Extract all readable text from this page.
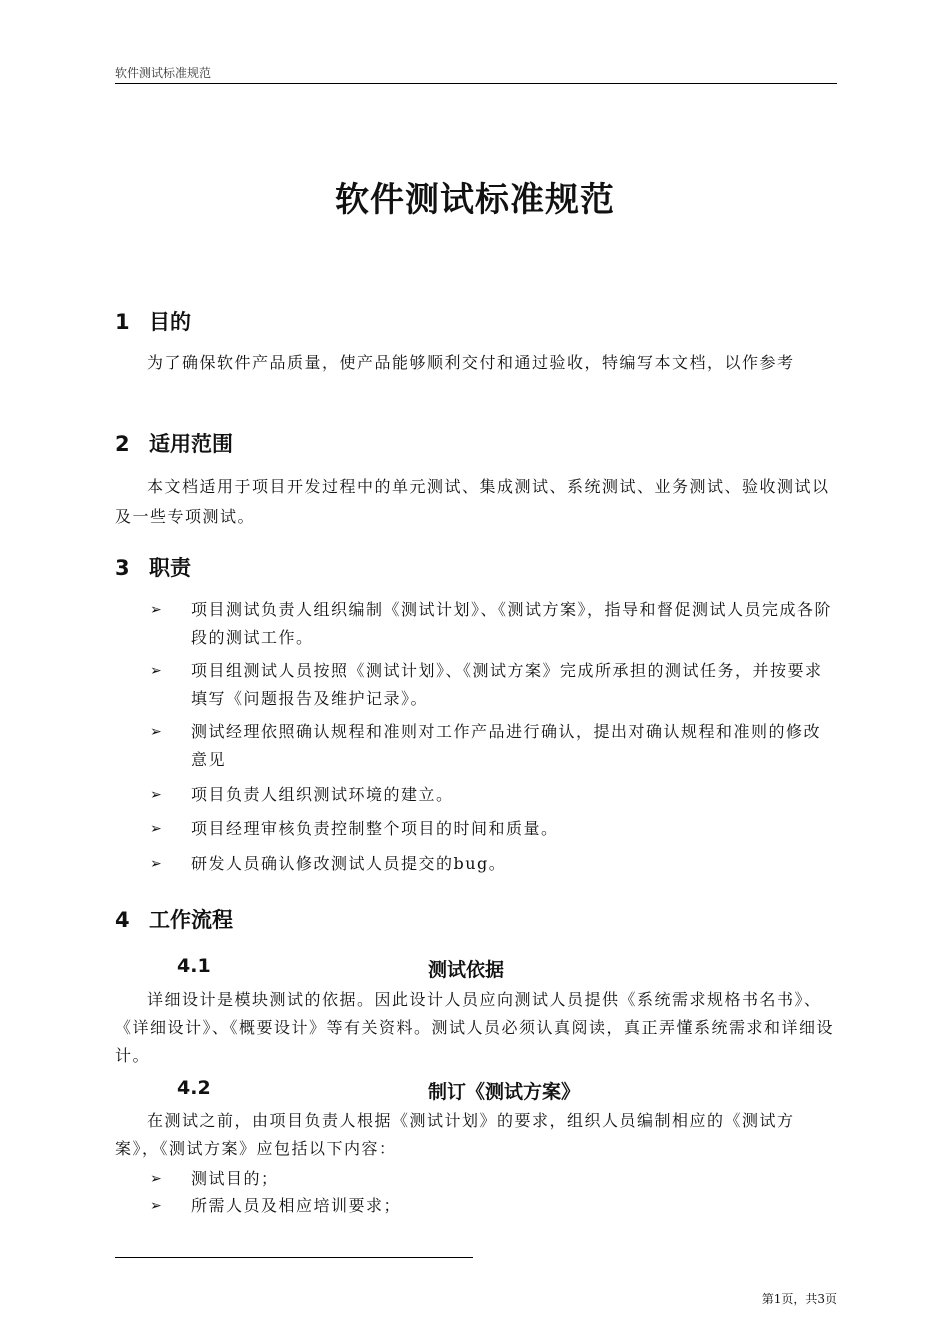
软件测试标准规范
软件测试标准规范
1 目的

为了确保软件产品质量，使产品能够顺利交付和通过验收，特编写本文档，以作参考

2 适用范围

本文档适用于项目开发过程中的单元测试、集成测试、系统测试、业务测试、验收测试以及一些专项测试。

3 职责
➢ 项目测试负责人组织编制《测试计划》、《测试方案》，指导和督促测试人员完成各阶段的测试工作。
➢ 项目组测试人员按照《测试计划》、《测试方案》完成所承担的测试任务，并按要求填写《问题报告及维护记录》。
➢ 测试经理依照确认规程和准则对工作产品进行确认，提出对确认规程和准则的修改意见
➢ 项目负责人组织测试环境的建立。
➢ 项目经理审核负责控制整个项目的时间和质量。
➢ 研发人员确认修改测试人员提交的bug。
4 工作流程
4.1	测试依据

详细设计是模块测试的依据。因此设计人员应向测试人员提供《系统需求规格书名书》、《详细设计》、《概要设计》等有关资料。测试人员必须认真阅读，真正弄懂系统需求和详细设计。

4.2	制订《测试方案》

在测试之前，由项目负责人根据《测试计划》的要求，组织人员编制相应的《测试方案》，《测试方案》应包括以下内容：

➢ 测试目的；
➢ 所需人员及相应培训要求；
第1页，共3页
